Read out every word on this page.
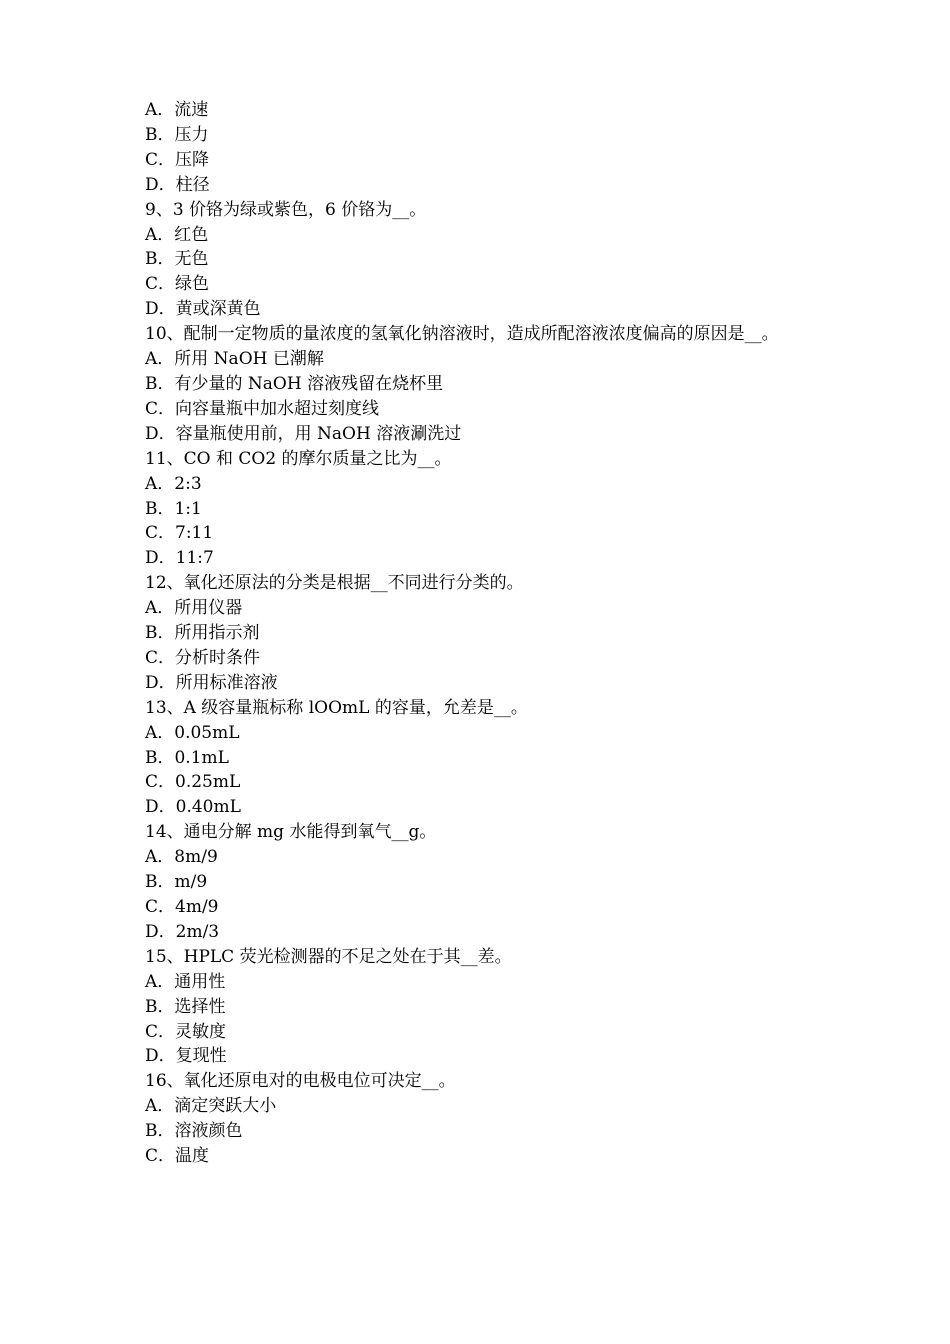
A．流速

B．压力

C．压降

D．柱径

9、3 价铬为绿或紫色，6 价铬为__。

A．红色

B．无色

C．绿色

D．黄或深黄色

10、配制一定物质的量浓度的氢氧化钠溶液时，造成所配溶液浓度偏高的原因是__。

A．所用 NaOH 已潮解

B．有少量的 NaOH 溶液残留在烧杯里

C．向容量瓶中加水超过刻度线

D．容量瓶使用前，用 NaOH 溶液涮洗过

11、CO 和 CO2 的摩尔质量之比为__。

A．2:3

B．1:1

C．7:11

D．11:7

12、氧化还原法的分类是根据__不同进行分类的。

A．所用仪器

B．所用指示剂

C．分析时条件

D．所用标准溶液

13、A 级容量瓶标称 lOOmL 的容量，允差是__。

A．0.05mL

B．0.1mL

C．0.25mL

D．0.40mL

14、通电分解 mg 水能得到氧气__g。

A．8m/9

B．m/9

C．4m/9

D．2m/3

15、HPLC 荧光检测器的不足之处在于其__差。

A．通用性

B．选择性

C．灵敏度

D．复现性

16、氧化还原电对的电极电位可决定__。

A．滴定突跃大小

B．溶液颜色

C．温度
